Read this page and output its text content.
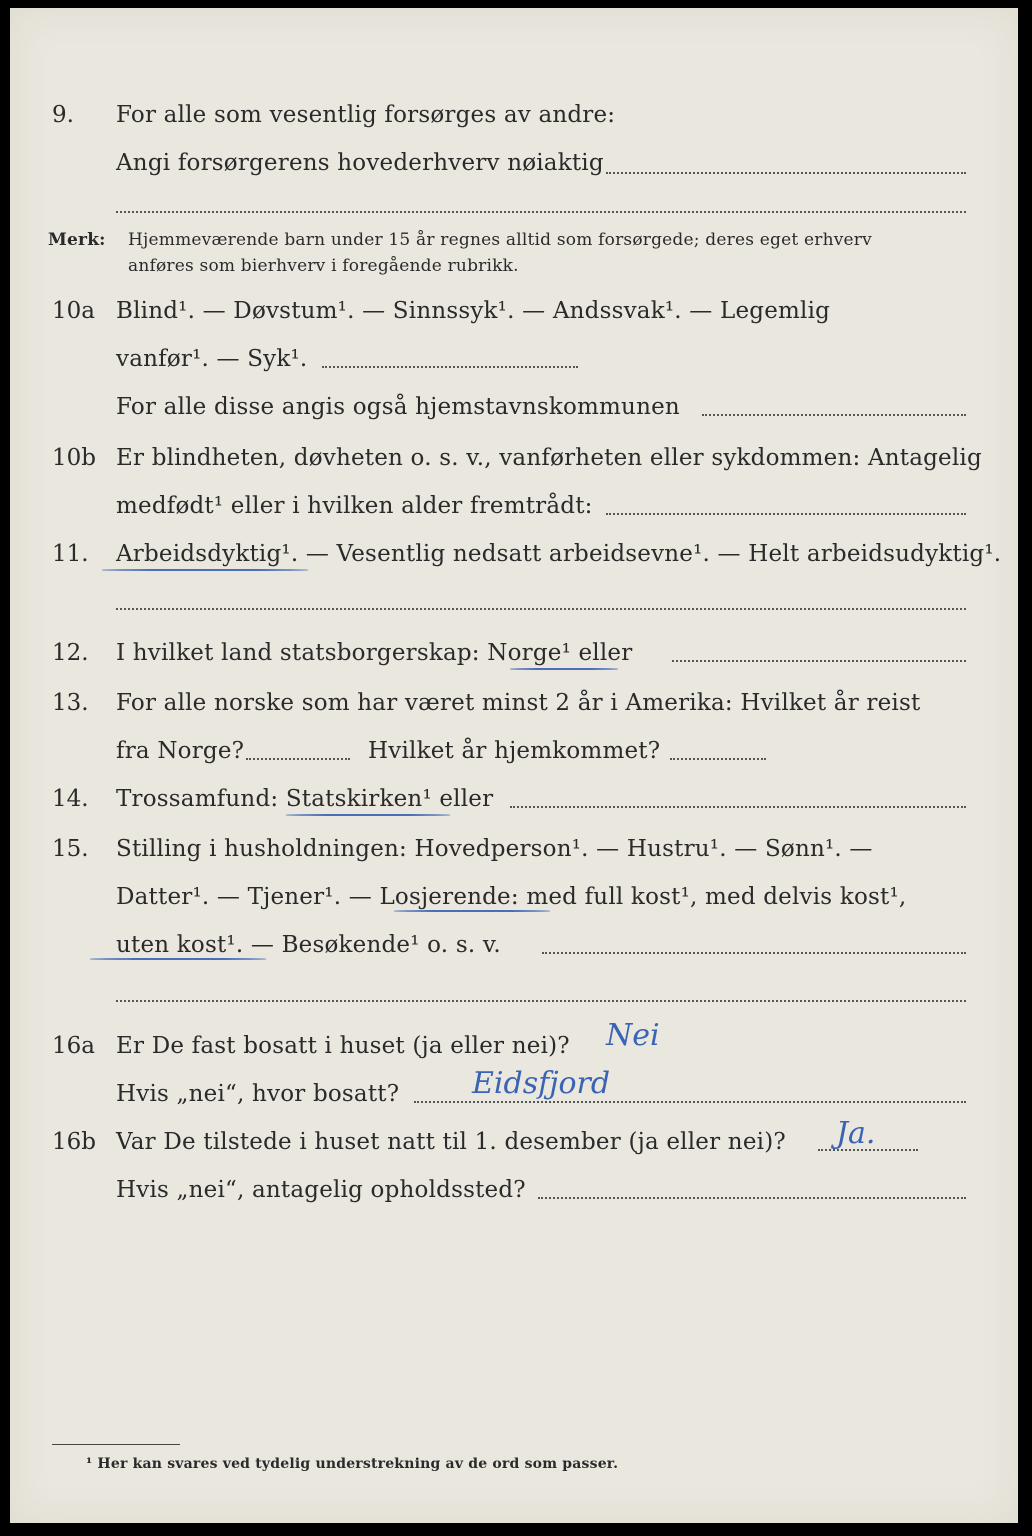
9. For alle som vesentlig forsørges av andre:
Angi forsørgerens hovederhverv nøiaktig
Merk: Hjemmeværende barn under 15 år regnes alltid som forsørgede; deres eget erhverv
anføres som bierhverv i foregående rubrikk.
10a Blind¹. — Døvstum¹. — Sinnssyk¹. — Andssvak¹. — Legemlig
vanfør¹. — Syk¹.
For alle disse angis også hjemstavnskommunen
10b Er blindheten, døvheten o. s. v., vanførheten eller sykdommen: Antagelig
medfødt¹ eller i hvilken alder fremtrådt:
11. Arbeidsdyktig¹. — Vesentlig nedsatt arbeidsevne¹. — Helt arbeidsudyktig¹.
12. I hvilket land statsborgerskap: Norge¹ eller
13. For alle norske som har været minst 2 år i Amerika: Hvilket år reist
fra Norge?	Hvilket år hjemkommet?
14. Trossamfund: Statskirken¹ eller
15. Stilling i husholdningen: Hovedperson¹. — Hustru¹. — Sønn¹. —
Datter¹. — Tjener¹. — Losjerende: med full kost¹, med delvis kost¹,
uten kost¹. — Besøkende¹ o. s. v.
16a Er De fast bosatt i huset (ja eller nei)? Nei
Hvis „nei“, hvor bosatt? Eidsfjord
16b Var De tilstede i huset natt til 1. desember (ja eller nei)? Ja.
Hvis „nei“, antagelig opholdssted?
¹ Her kan svares ved tydelig understrekning av de ord som passer.
